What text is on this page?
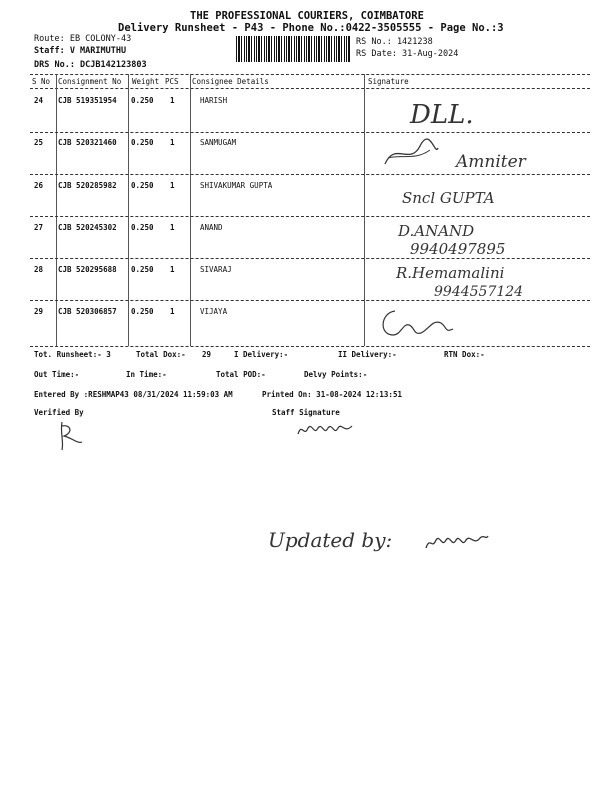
THE PROFESSIONAL COURIERS, COIMBATORE
Delivery Runsheet - P43 - Phone No.:0422-3505555 - Page No.:3
Route: EB COLONY-43
Staff: V MARIMUTHU
DRS No.: DCJB142123803
RS No.: 1421238
RS Date: 31-Aug-2024
S No Consignment No Weight PCS Consignee Details	Signature
24 CJB 519351954 0.250 1	HARISH	DLL.
25 CJB 520321460 0.250 1	SANMUGAM
Amniter
26 CJB 520285982 0.250 1	SHIVAKUMAR GUPTA
Sncl GUPTA
27 CJB 520245302 0.250 1	ANAND	D.ANAND
9940497895
28 CJB 520295688 0.250 1	SIVARAJ	R.Hemamalini
9944557124
29 CJB 520306857 0.250 1	VIJAYA
Tot. Runsheet:- 3	Total Dox:- 29	I Delivery:-	II Delivery:-	RTN Dox:-
Out Time:-	In Time:-	Total POD:-	Delvy Points:-
Entered By :RESHMAP43 08/31/2024 11:59:03 AM	Printed On: 31-08-2024 12:13:51
Verified By	Staff Signature
Updated by:
